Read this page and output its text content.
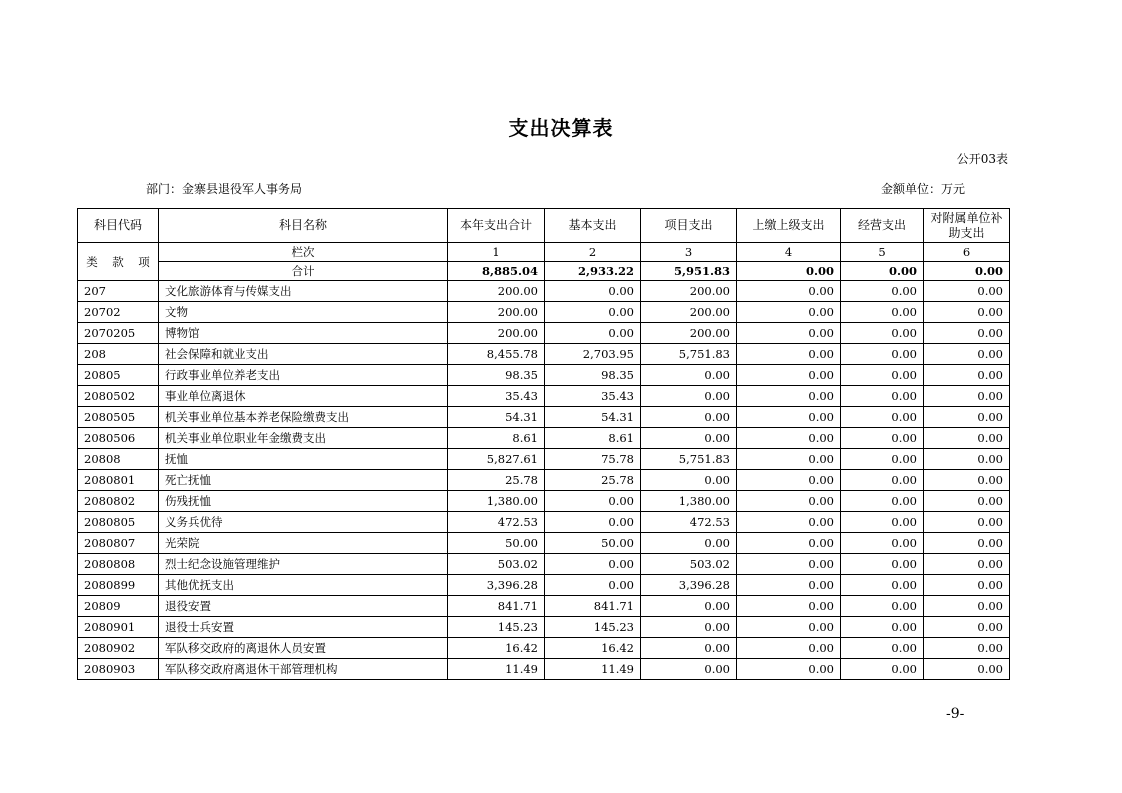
支出决算表
公开03表
部门：金寨县退役军人事务局	金额单位：万元
科目代码	科目名称	本年支出合计	基本支出	项目支出	上缴上级支出	经营支出	对附属单位补助支出
类 款 项	栏次	1	2	3	4	5	6
	合计	8,885.04	2,933.22	5,951.83	0.00	0.00	0.00
207	文化旅游体育与传媒支出	200.00	0.00	200.00	0.00	0.00	0.00
20702	文物	200.00	0.00	200.00	0.00	0.00	0.00
2070205	博物馆	200.00	0.00	200.00	0.00	0.00	0.00
208	社会保障和就业支出	8,455.78	2,703.95	5,751.83	0.00	0.00	0.00
20805	行政事业单位养老支出	98.35	98.35	0.00	0.00	0.00	0.00
2080502	事业单位离退休	35.43	35.43	0.00	0.00	0.00	0.00
2080505	机关事业单位基本养老保险缴费支出	54.31	54.31	0.00	0.00	0.00	0.00
2080506	机关事业单位职业年金缴费支出	8.61	8.61	0.00	0.00	0.00	0.00
20808	抚恤	5,827.61	75.78	5,751.83	0.00	0.00	0.00
2080801	死亡抚恤	25.78	25.78	0.00	0.00	0.00	0.00
2080802	伤残抚恤	1,380.00	0.00	1,380.00	0.00	0.00	0.00
2080805	义务兵优待	472.53	0.00	472.53	0.00	0.00	0.00
2080807	光荣院	50.00	50.00	0.00	0.00	0.00	0.00
2080808	烈士纪念设施管理维护	503.02	0.00	503.02	0.00	0.00	0.00
2080899	其他优抚支出	3,396.28	0.00	3,396.28	0.00	0.00	0.00
20809	退役安置	841.71	841.71	0.00	0.00	0.00	0.00
2080901	退役士兵安置	145.23	145.23	0.00	0.00	0.00	0.00
2080902	军队移交政府的离退休人员安置	16.42	16.42	0.00	0.00	0.00	0.00
2080903	军队移交政府离退休干部管理机构	11.49	11.49	0.00	0.00	0.00	0.00
-9-
